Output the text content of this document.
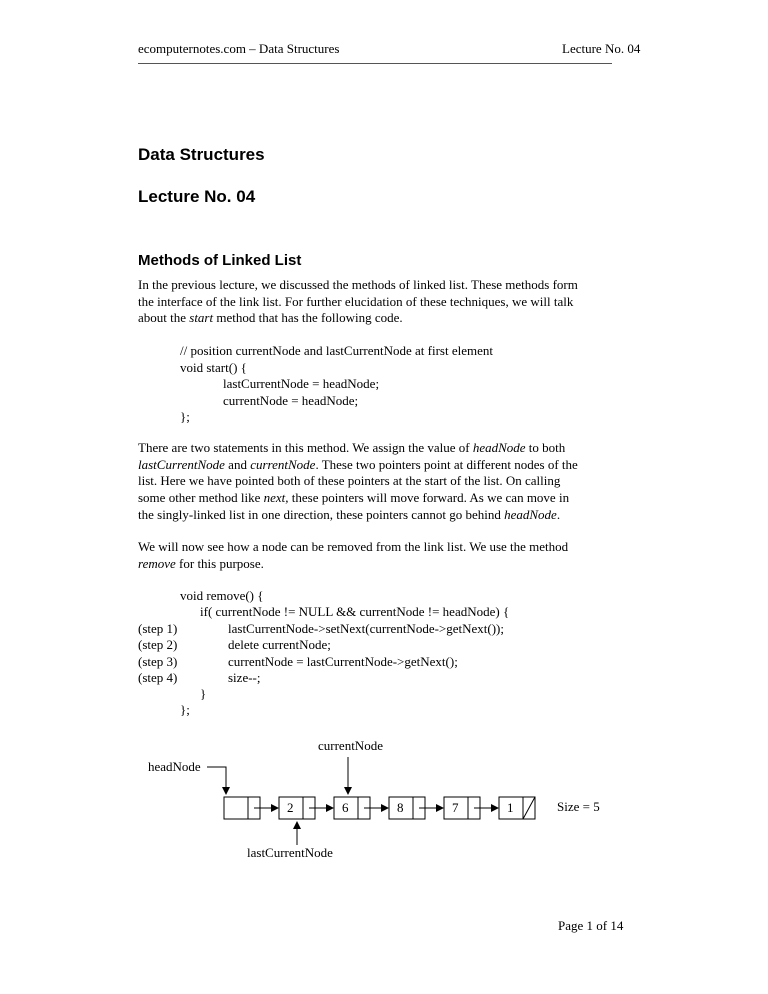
ecomputernotes.com – Data Structures	Lecture No. 04
Data Structures
Lecture No. 04
Methods of Linked List

In the previous lecture, we discussed the methods of linked list. These methods form

the interface of the link list. For further elucidation of these techniques, we will talk

about the start method that has the following code.

// position currentNode and lastCurrentNode at first element
void start() {
lastCurrentNode = headNode;
currentNode = headNode;
};

There are two statements in this method. We assign the value of headNode to both

lastCurrentNode and currentNode. These two pointers point at different nodes of the

list. Here we have pointed both of these pointers at the start of the list. On calling

some other method like next, these pointers will move forward. As we can move in

the singly-linked list in one direction, these pointers cannot go behind headNode.

We will now see how a node can be removed from the link list. We use the method

remove for this purpose.

void remove() {
if( currentNode != NULL && currentNode != headNode) {
(step 1)	lastCurrentNode->setNext(currentNode->getNext());
(step 2)	delete currentNode;
(step 3)	currentNode = lastCurrentNode->getNext();
(step 4)	size--;
}
};
currentNode
headNode
lastCurrentNode
Size = 5
2	6	8	7	1
Page 1 of 14
